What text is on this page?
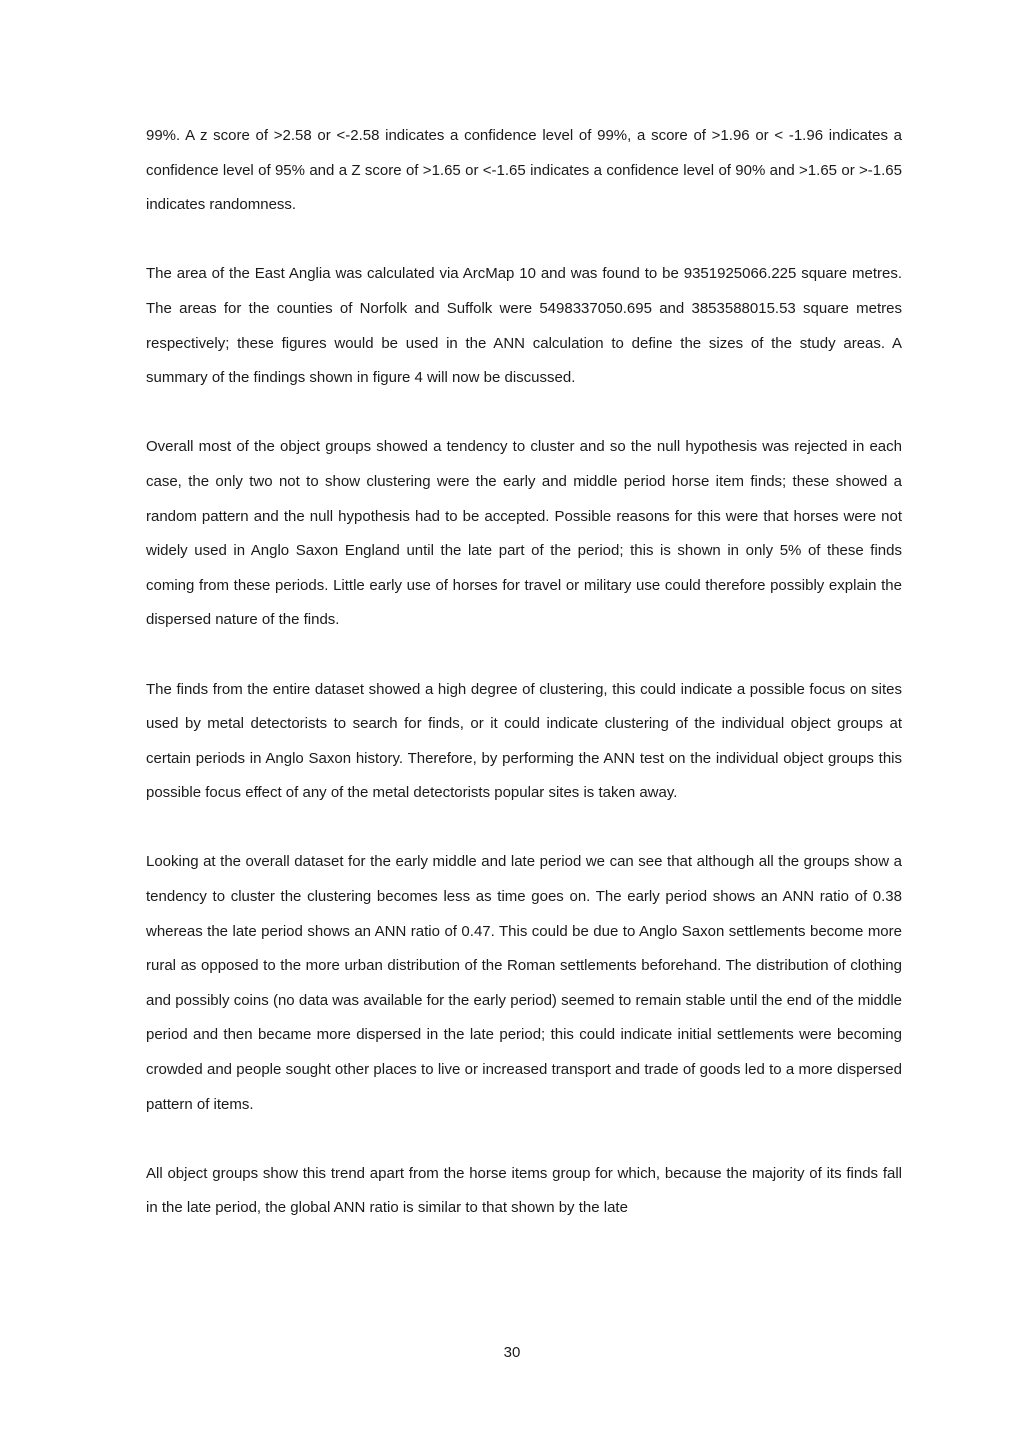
99%. A z score of >2.58 or <-2.58 indicates a confidence level of 99%, a score of >1.96 or < -1.96 indicates a confidence level of 95% and a Z score of >1.65 or <-1.65 indicates a confidence level of 90% and >1.65 or >-1.65 indicates randomness.

The area of the East Anglia was calculated via ArcMap 10 and was found to be 9351925066.225 square metres. The areas for the counties of Norfolk and Suffolk were 5498337050.695 and 3853588015.53 square metres respectively; these figures would be used in the ANN calculation to define the sizes of the study areas. A summary of the findings shown in figure 4 will now be discussed.

Overall most of the object groups showed a tendency to cluster and so the null hypothesis was rejected in each case, the only two not to show clustering were the early and middle period horse item finds; these showed a random pattern and the null hypothesis had to be accepted. Possible reasons for this were that horses were not widely used in Anglo Saxon England until the late part of the period; this is shown in only 5% of these finds coming from these periods. Little early use of horses for travel or military use could therefore possibly explain the dispersed nature of the finds.

The finds from the entire dataset showed a high degree of clustering, this could indicate a possible focus on sites used by metal detectorists to search for finds, or it could indicate clustering of the individual object groups at certain periods in Anglo Saxon history. Therefore, by performing the ANN test on the individual object groups this possible focus effect of any of the metal detectorists popular sites is taken away.

Looking at the overall dataset for the early middle and late period we can see that although all the groups show a tendency to cluster the clustering becomes less as time goes on. The early period shows an ANN ratio of 0.38 whereas the late period shows an ANN ratio of 0.47. This could be due to Anglo Saxon settlements become more rural as opposed to the more urban distribution of the Roman settlements beforehand. The distribution of clothing and possibly coins (no data was available for the early period) seemed to remain stable until the end of the middle period and then became more dispersed in the late period; this could indicate initial settlements were becoming crowded and people sought other places to live or increased transport and trade of goods led to a more dispersed pattern of items.

All object groups show this trend apart from the horse items group for which, because the majority of its finds fall in the late period, the global ANN ratio is similar to that shown by the late

30
